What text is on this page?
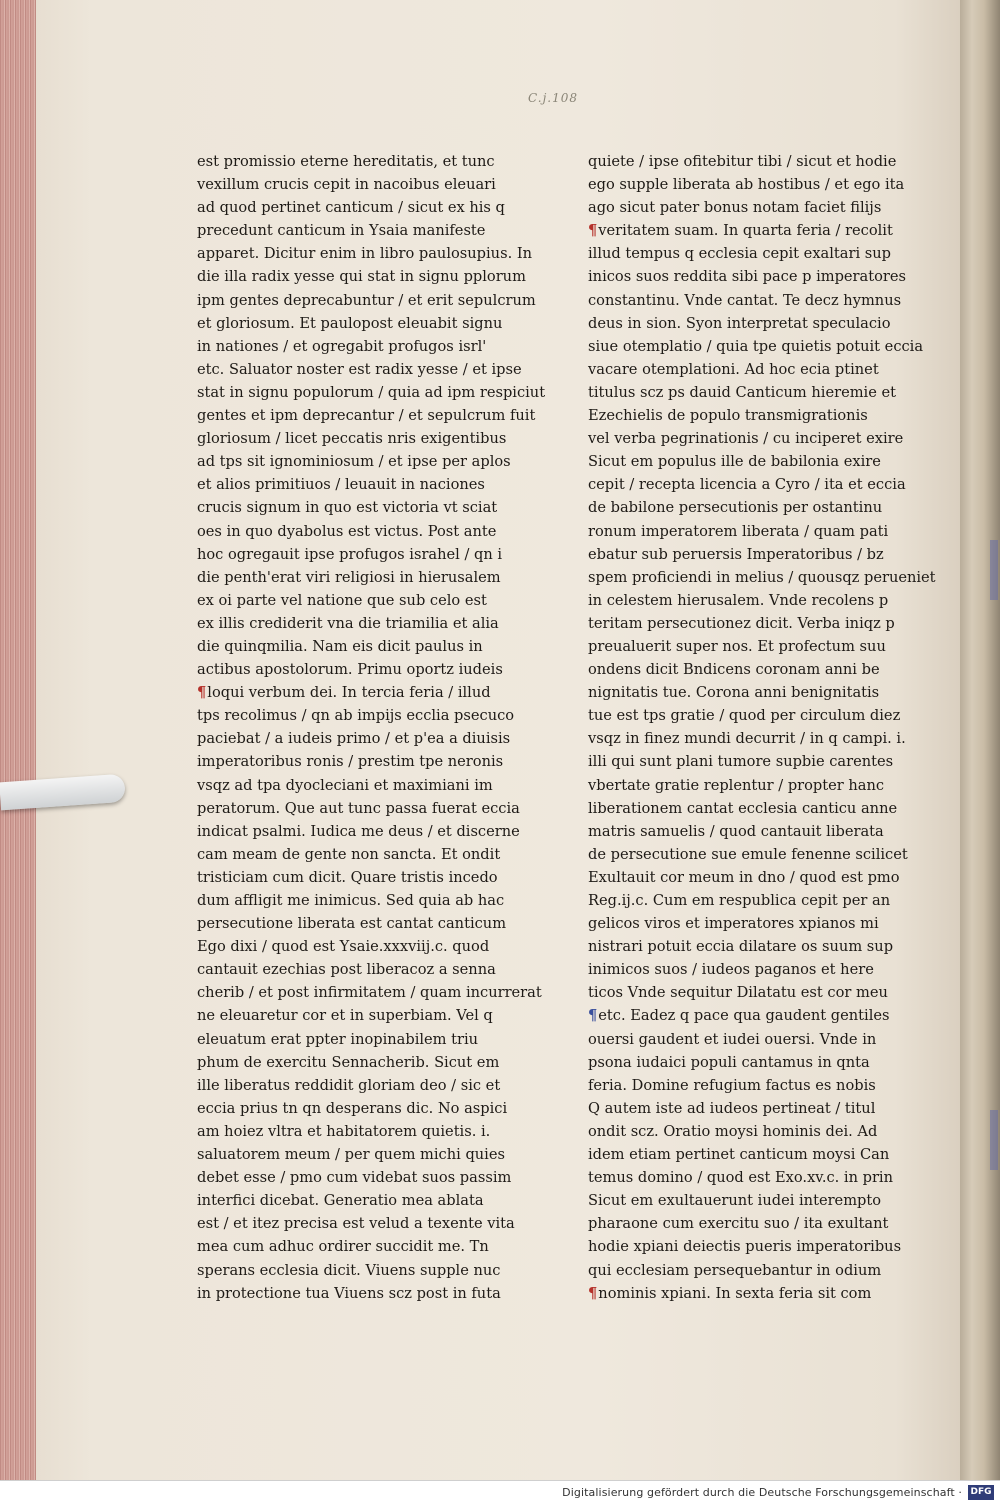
C.j.108
est promissio eterne hereditatis, et tunc
vexillum crucis cepit in nacoibus eleuari
ad quod pertinet canticum / sicut ex his q
precedunt canticum in Ysaia manifeste
apparet. Dicitur enim in libro paulosupius. In
die illa radix yesse qui stat in signu pplorum
ipm gentes deprecabuntur / et erit sepulcrum
et gloriosum. Et paulopost eleuabit signu
in nationes / et ogregabit profugos isrl'
etc. Saluator noster est radix yesse / et ipse
stat in signu populorum / quia ad ipm respiciut
gentes et ipm deprecantur / et sepulcrum fuit
gloriosum / licet peccatis nris exigentibus
ad tps sit ignominiosum / et ipse per aplos
et alios primitiuos / leuauit in naciones
crucis signum in quo est victoria vt sciat
oes in quo dyabolus est victus. Post ante
hoc ogregauit ipse profugos israhel / qn i
die penth'erat viri religiosi in hierusalem
ex oi parte vel natione que sub celo est
ex illis crediderit vna die triamilia et alia
die quinqmilia. Nam eis dicit paulus in
actibus apostolorum. Primu oportz iudeis
¶loqui verbum dei. In tercia feria / illud
tps recolimus / qn ab impijs ecclia psecuco
paciebat / a iudeis primo / et p'ea a diuisis
imperatoribus ronis / prestim tpe neronis
vsqz ad tpa dyocleciani et maximiani im
peratorum. Que aut tunc passa fuerat eccia
indicat psalmi. Iudica me deus / et discerne
cam meam de gente non sancta. Et ondit
tristiciam cum dicit. Quare tristis incedo
dum affligit me inimicus. Sed quia ab hac
persecutione liberata est cantat canticum
Ego dixi / quod est Ysaie.xxxviij.c. quod
cantauit ezechias post liberacoz a senna
cherib / et post infirmitatem / quam incurrerat
ne eleuaretur cor et in superbiam. Vel q
eleuatum erat ppter inopinabilem triu
phum de exercitu Sennacherib. Sicut em
ille liberatus reddidit gloriam deo / sic et
eccia prius tn qn desperans dic. No aspici
am hoiez vltra et habitatorem quietis. i.
saluatorem meum / per quem michi quies
debet esse / pmo cum videbat suos passim
interfici dicebat. Generatio mea ablata
est / et itez precisa est velud a texente vita
mea cum adhuc ordirer succidit me. Tn
sperans ecclesia dicit. Viuens supple nuc
in protectione tua Viuens scz post in futa
quiete / ipse ofitebitur tibi / sicut et hodie
ego supple liberata ab hostibus / et ego ita
ago sicut pater bonus notam faciet filijs
¶veritatem suam. In quarta feria / recolit
illud tempus q ecclesia cepit exaltari sup
inicos suos reddita sibi pace p imperatores
constantinu. Vnde cantat. Te decz hymnus
deus in sion. Syon interpretat speculacio
siue otemplatio / quia tpe quietis potuit eccia
vacare otemplationi. Ad hoc ecia ptinet
titulus scz ps dauid Canticum hieremie et
Ezechielis de populo transmigrationis
vel verba pegrinationis / cu inciperet exire
Sicut em populus ille de babilonia exire
cepit / recepta licencia a Cyro / ita et eccia
de babilone persecutionis per ostantinu
ronum imperatorem liberata / quam pati
ebatur sub peruersis Imperatoribus / bz
spem proficiendi in melius / quousqz perueniet
in celestem hierusalem. Vnde recolens p
teritam persecutionez dicit. Verba iniqz p
preualuerit super nos. Et profectum suu
ondens dicit Bndicens coronam anni be
nignitatis tue. Corona anni benignitatis
tue est tps gratie / quod per circulum diez
vsqz in finez mundi decurrit / in q campi. i.
illi qui sunt plani tumore supbie carentes
vbertate gratie replentur / propter hanc
liberationem cantat ecclesia canticu anne
matris samuelis / quod cantauit liberata
de persecutione sue emule fenenne scilicet
Exultauit cor meum in dno / quod est pmo
Reg.ij.c. Cum em respublica cepit per an
gelicos viros et imperatores xpianos mi
nistrari potuit eccia dilatare os suum sup
inimicos suos / iudeos paganos et here
ticos Vnde sequitur Dilatatu est cor meu
¶etc. Eadez q pace qua gaudent gentiles
ouersi gaudent et iudei ouersi. Vnde in
psona iudaici populi cantamus in qnta
feria. Domine refugium factus es nobis
Q autem iste ad iudeos pertineat / titul
ondit scz. Oratio moysi hominis dei. Ad
idem etiam pertinet canticum moysi Can
temus domino / quod est Exo.xv.c. in prin
Sicut em exultauerunt iudei interempto
pharaone cum exercitu suo / ita exultant
hodie xpiani deiectis pueris imperatoribus
qui ecclesiam persequebantur in odium
¶nominis xpiani. In sexta feria sit com
Digitalisierung gefördert durch die Deutsche Forschungsgemeinschaft · DFG
